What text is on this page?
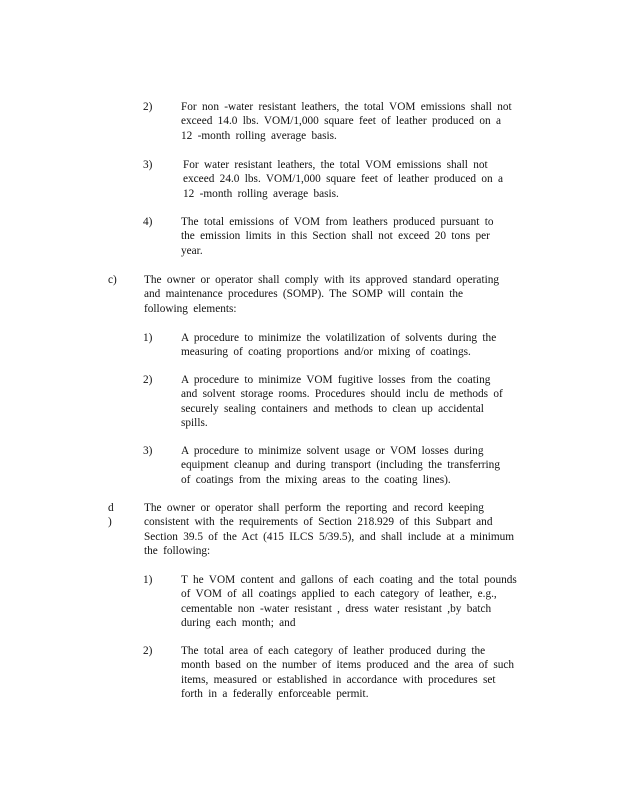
2)	For non -water resistant leathers, the total VOM emissions shall not
exceed 14.0 lbs. VOM/1,000 square feet of leather produced on a
12 -month rolling average basis.
3)	For water resistant leathers, the total VOM emissions shall not
exceed 24.0 lbs. VOM/1,000 square feet of leather produced on a
12 -month rolling average basis.
4)	The total emissions of VOM from leathers produced pursuant to
the emission limits in this Section shall not exceed 20 tons per
year.
c) The owner or operator shall comply with its approved standard operating
and maintenance procedures (SOMP). The SOMP will contain the
following elements:
1)	A procedure to minimize the volatilization of solvents during the
measuring of coating proportions and/or mixing of coatings.
2)	A procedure to minimize VOM fugitive losses from the coating
and solvent storage rooms. Procedures should inclu de methods of
securely sealing containers and methods to clean up accidental
spills.
3)	A procedure to minimize solvent usage or VOM losses during
equipment cleanup and during transport (including the transferring
of coatings from the mixing areas to the coating lines).
d )
The owner or operator shall perform the reporting and record keeping
consistent with the requirements of Section 218.929 of this Subpart and
Section 39.5 of the Act (415 ILCS 5/39.5), and shall include at a minimum
the following:
1)	T he VOM content and gallons of each coating and the total pounds
of VOM of all coatings applied to each category of leather, e.g.,
cementable non -water resistant , dress water resistant ,by batch
during each month; and
2)	The total area of each category of leather produced during the
month based on the number of items produced and the area of such
items, measured or established in accordance with procedures set
forth in a federally enforceable permit.
